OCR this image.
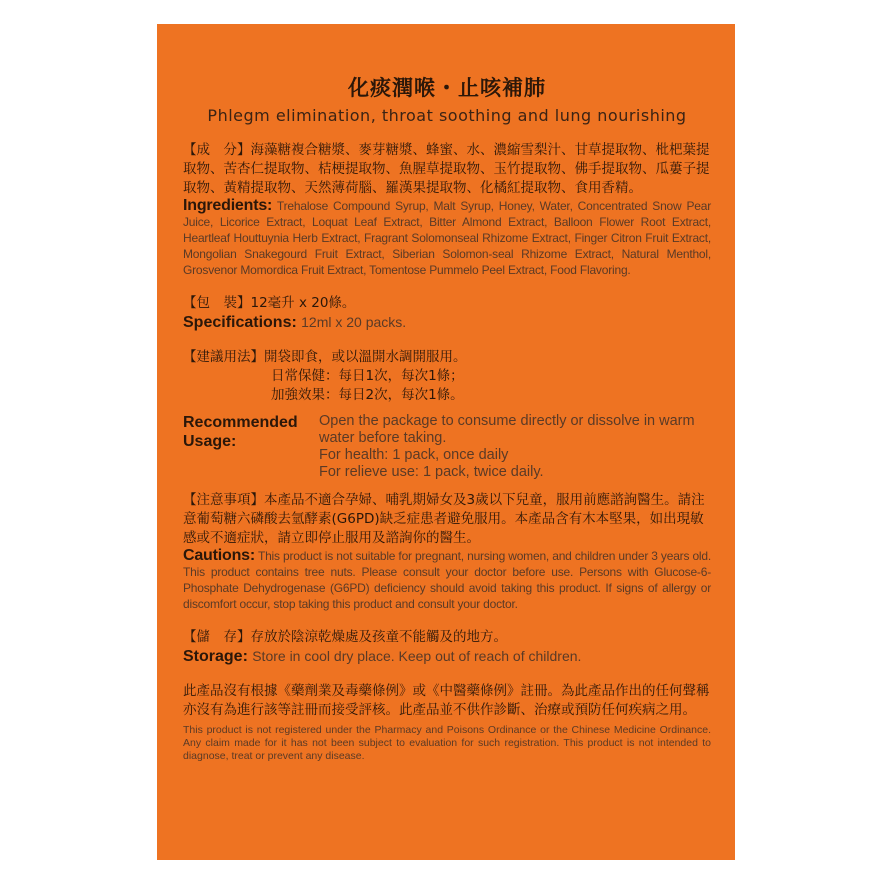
化痰潤喉・止咳補肺

Phlegm elimination, throat soothing and lung nourishing

【成　分】海藻糖複合糖漿、麥芽糖漿、蜂蜜、水、濃縮雪梨汁、甘草提取物、枇杷葉提取物、苦杏仁提取物、桔梗提取物、魚腥草提取物、玉竹提取物、佛手提取物、瓜蔞子提取物、黃精提取物、天然薄荷腦、羅漢果提取物、化橘紅提取物、食用香精。

Ingredients: Trehalose Compound Syrup, Malt Syrup, Honey, Water, Concentrated Snow Pear Juice, Licorice Extract, Loquat Leaf Extract, Bitter Almond Extract, Balloon Flower Root Extract, Heartleaf Houttuynia Herb Extract, Fragrant Solomonseal Rhizome Extract, Finger Citron Fruit Extract, Mongolian Snakegourd Fruit Extract, Siberian Solomon-seal Rhizome Extract, Natural Menthol, Grosvenor Momordica Fruit Extract, Tomentose Pummelo Peel Extract, Food Flavoring.

【包　裝】12毫升 x 20條。

Specifications: 12ml x 20 packs.

【建議用法】開袋即食，或以溫開水調開服用。

日常保健：每日1次，每次1條；

加強效果：每日2次，每次1條。

Recommended Usage:
Open the package to consume directly or dissolve in warm water before taking.
For health: 1 pack, once daily
For relieve use: 1 pack, twice daily.

【注意事項】本產品不適合孕婦、哺乳期婦女及3歲以下兒童，服用前應諮詢醫生。請注意葡萄糖六磷酸去氫酵素(G6PD)缺乏症患者避免服用。本產品含有木本堅果，如出現敏感或不適症狀，請立即停止服用及諮詢你的醫生。

Cautions: This product is not suitable for pregnant, nursing women, and children under 3 years old. This product contains tree nuts. Please consult your doctor before use. Persons with Glucose-6-Phosphate Dehydrogenase (G6PD) deficiency should avoid taking this product. If signs of allergy or discomfort occur, stop taking this product and consult your doctor.

【儲　存】存放於陰涼乾燥處及孩童不能觸及的地方。

Storage: Store in cool dry place. Keep out of reach of children.

此產品沒有根據《藥劑業及毒藥條例》或《中醫藥條例》註冊。為此產品作出的任何聲稱亦沒有為進行該等註冊而接受評核。此產品並不供作診斷、治療或預防任何疾病之用。

This product is not registered under the Pharmacy and Poisons Ordinance or the Chinese Medicine Ordinance. Any claim made for it has not been subject to evaluation for such registration. This product is not intended to diagnose, treat or prevent any disease.
